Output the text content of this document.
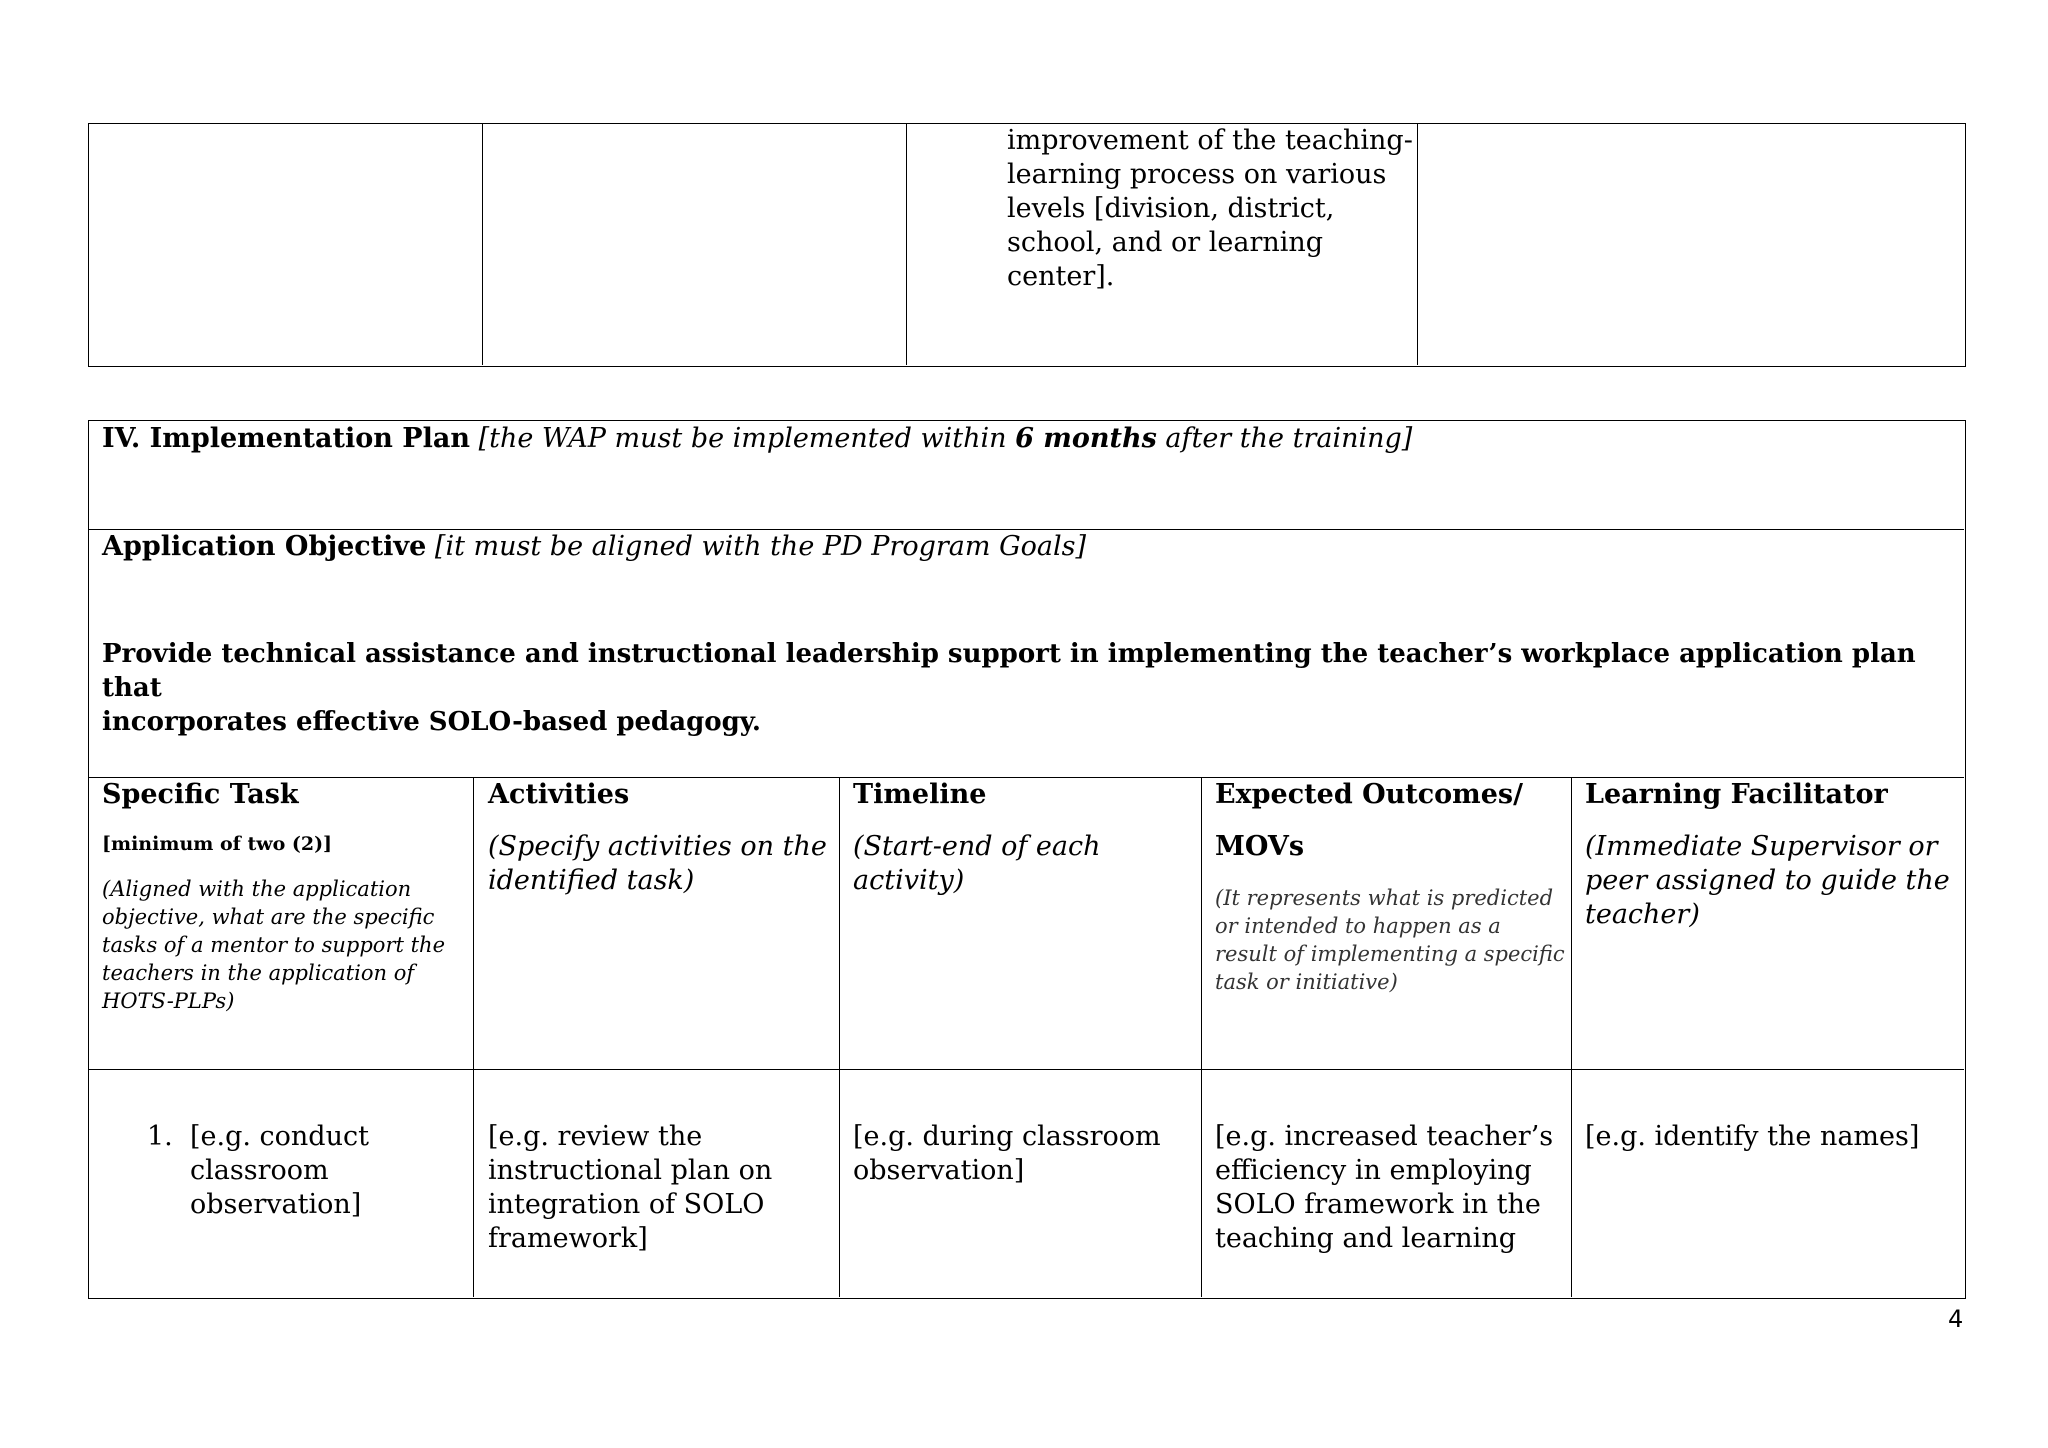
improvement of the teaching-
learning process on various
levels [division, district,
school, and or learning
center].
IV. Implementation Plan [the WAP must be implemented within 6 months after the training]
Application Objective [it must be aligned with the PD Program Goals]
Provide technical assistance and instructional leadership support in implementing the teacher’s workplace application plan that
incorporates effective SOLO-based pedagogy.
Specific Task
[minimum of two (2)]
(Aligned with the application
objective, what are the specific
tasks of a mentor to support the
teachers in the application of
HOTS-PLPs)
Activities
(Specify activities on the
identified task)
Timeline
(Start-end of each
activity)
Expected Outcomes/
MOVs
(It represents what is predicted
or intended to happen as a
result of implementing a specific
task or initiative)
Learning Facilitator
(Immediate Supervisor or
peer assigned to guide the
teacher)
1. [e.g. conduct
classroom
observation]
[e.g. review the
instructional plan on
integration of SOLO
framework]
[e.g. during classroom
observation]
[e.g. increased teacher’s
efficiency in employing
SOLO framework in the
teaching and learning
[e.g. identify the names]
4
